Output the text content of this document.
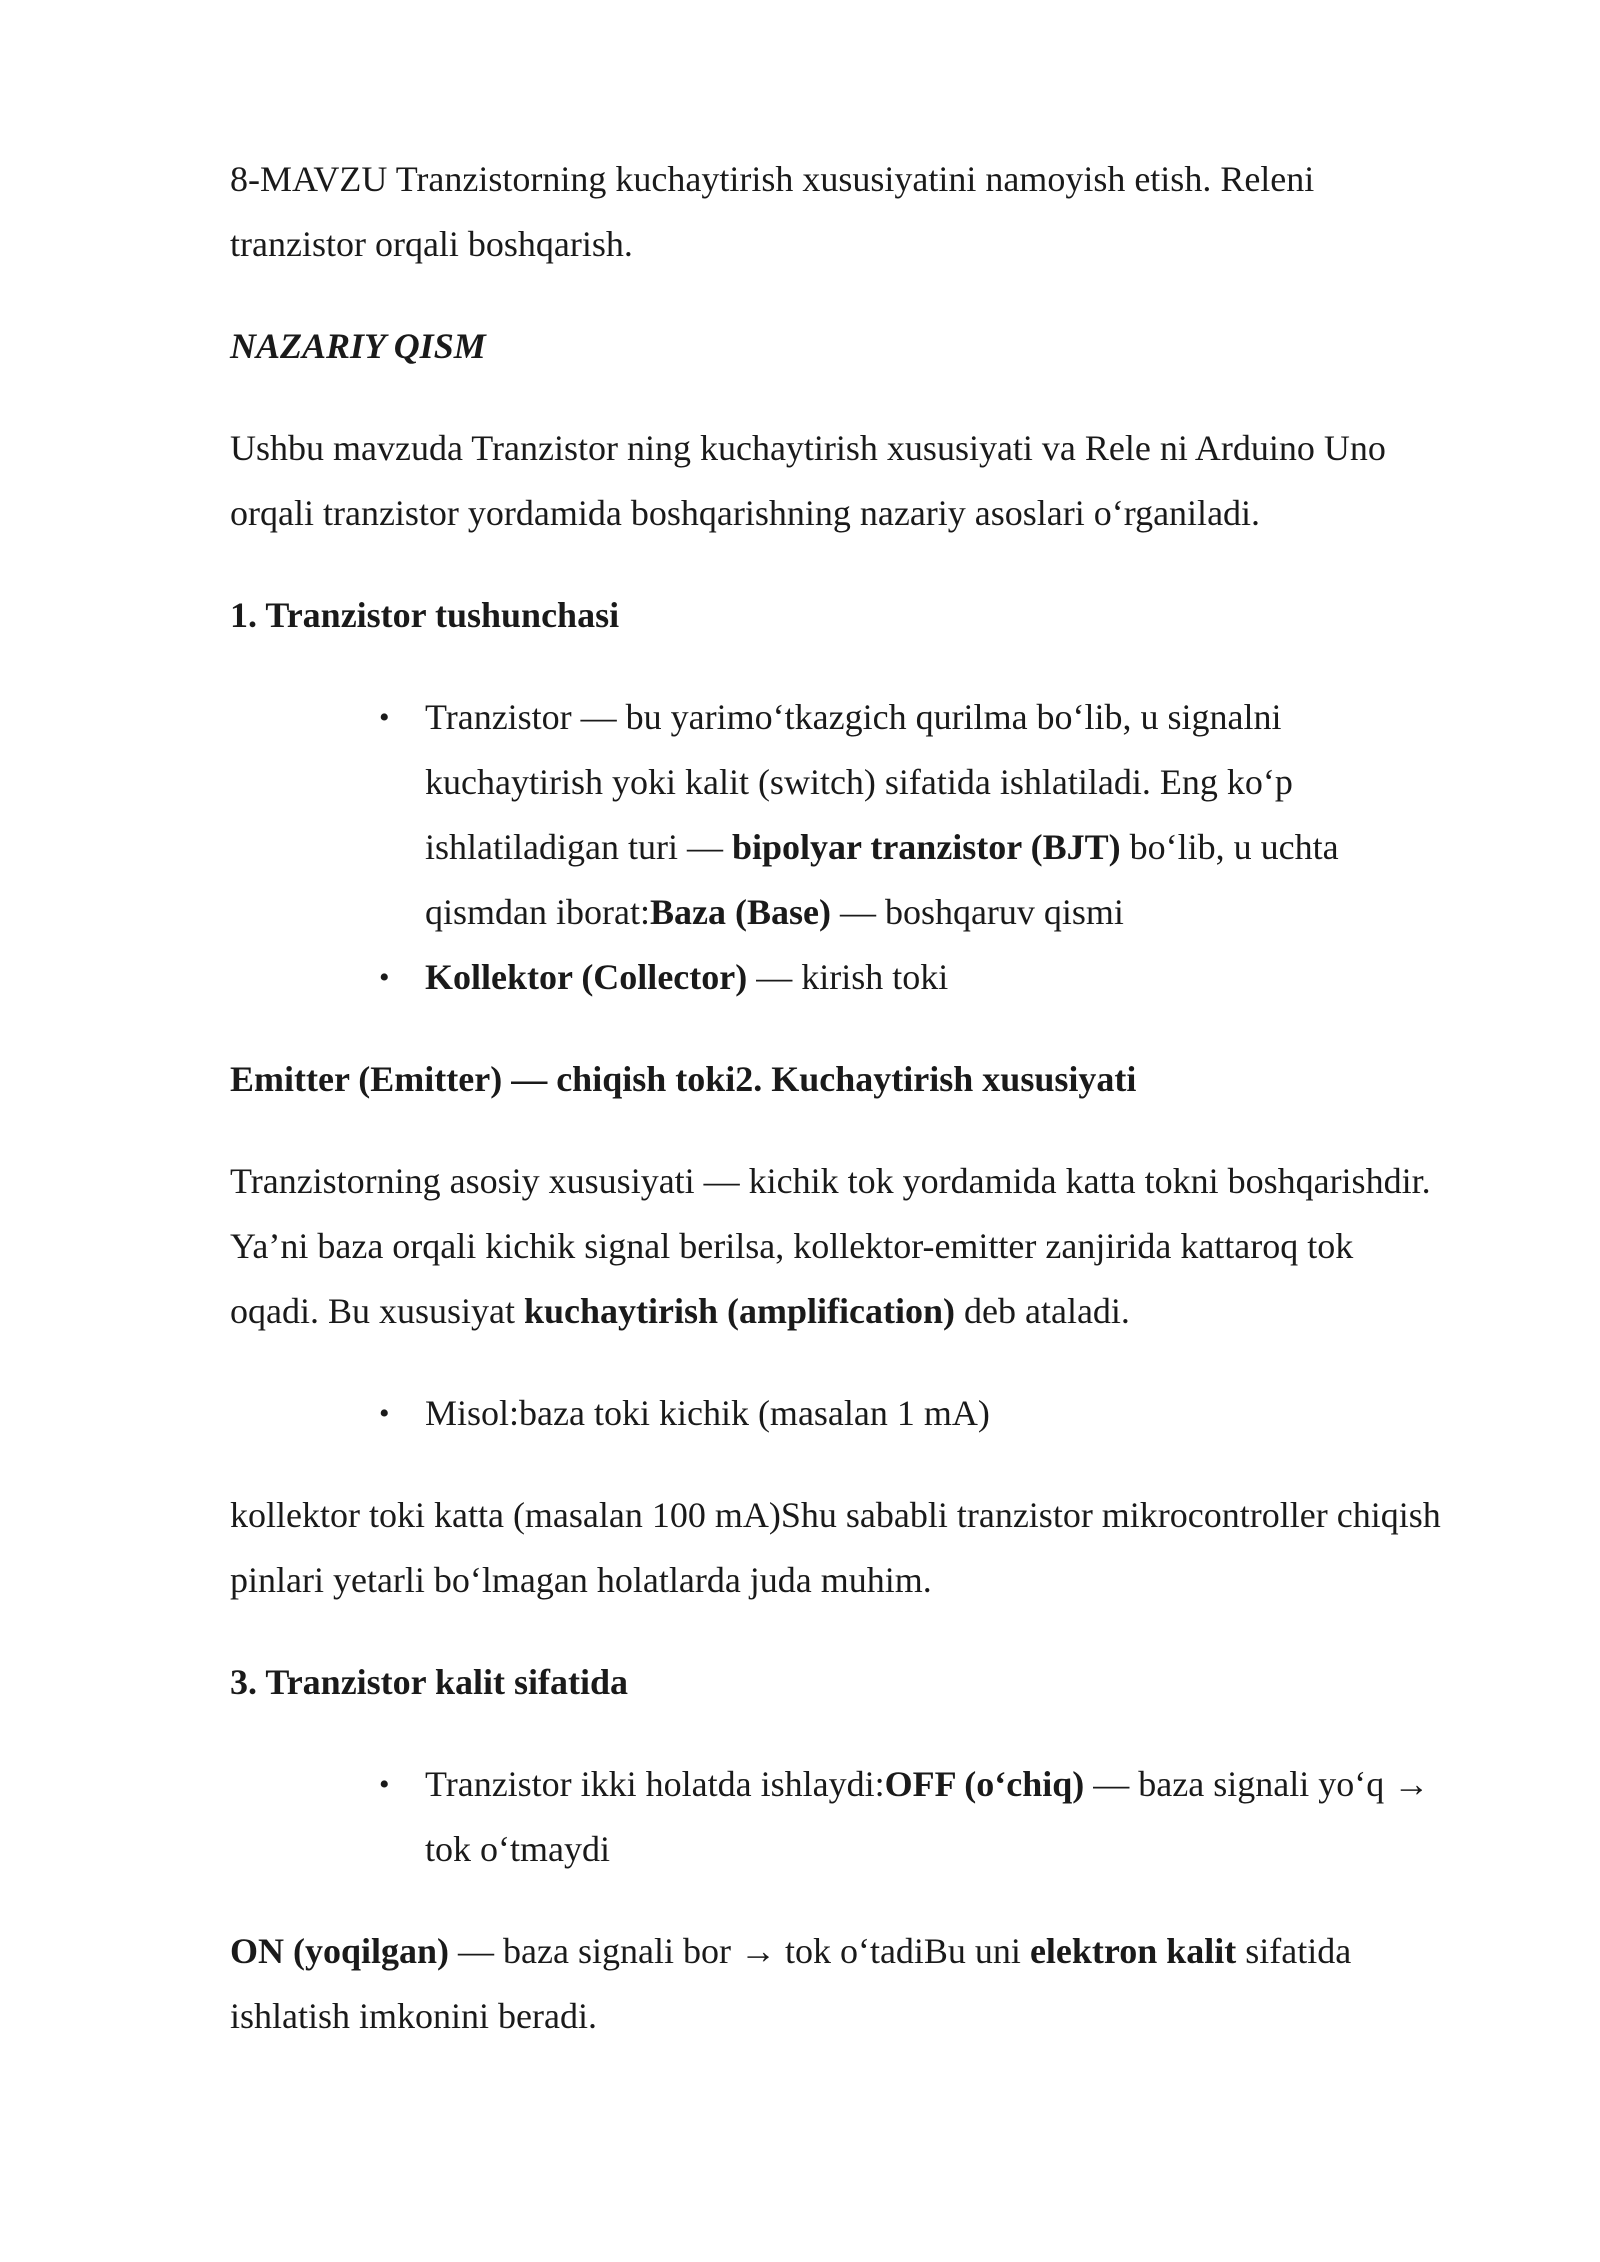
8-MAVZU Tranzistorning kuchaytirish xususiyatini namoyish etish. Releni tranzistor orqali boshqarish.

NAZARIY QISM

Ushbu mavzuda Tranzistor ning kuchaytirish xususiyati va Rele ni Arduino Uno orqali tranzistor yordamida boshqarishning nazariy asoslari o‘rganiladi.

1. Tranzistor tushunchasi

• Tranzistor — bu yarimo‘tkazgich qurilma bo‘lib, u signalni kuchaytirish yoki kalit (switch) sifatida ishlatiladi. Eng ko‘p ishlatiladigan turi — bipolyar tranzistor (BJT) bo‘lib, u uchta qismdan iborat:Baza (Base) — boshqaruv qismi
• Kollektor (Collector) — kirish toki

Emitter (Emitter) — chiqish toki2. Kuchaytirish xususiyati

Tranzistorning asosiy xususiyati — kichik tok yordamida katta tokni boshqarishdir. Ya’ni baza orqali kichik signal berilsa, kollektor-emitter zanjirida kattaroq tok oqadi. Bu xususiyat kuchaytirish (amplification) deb ataladi.

• Misol:baza toki kichik (masalan 1 mA)

kollektor toki katta (masalan 100 mA)Shu sababli tranzistor mikrocontroller chiqish pinlari yetarli bo‘lmagan holatlarda juda muhim.

3. Tranzistor kalit sifatida

• Tranzistor ikki holatda ishlaydi:OFF (o‘chiq) — baza signali yo‘q → tok o‘tmaydi

ON (yoqilgan) — baza signali bor → tok o‘tadiBu uni elektron kalit sifatida ishlatish imkonini beradi.
